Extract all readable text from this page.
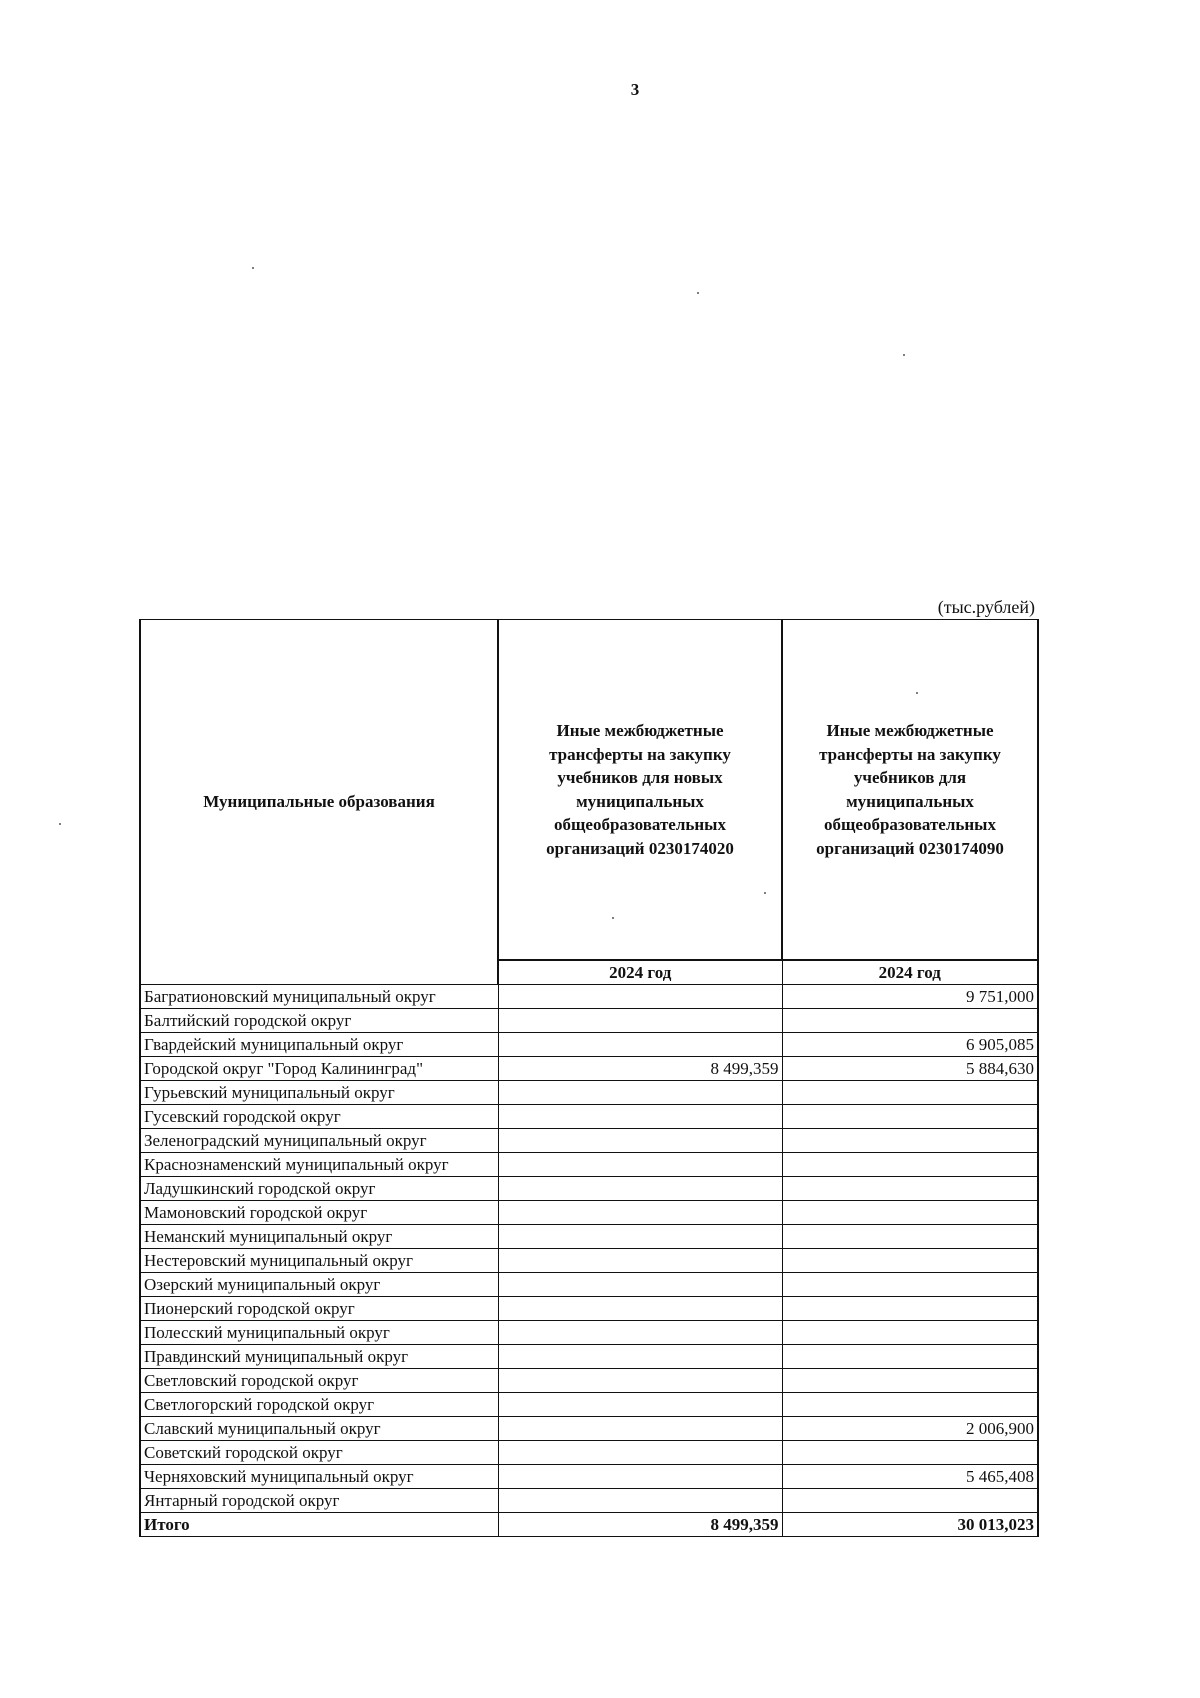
3
(тыс.рублей)
Муниципальные образования	Иные межбюджетные трансферты на закупку учебников для новых муниципальных общеобразовательных организаций 0230174020	Иные межбюджетные трансферты на закупку учебников для муниципальных общеобразовательных организаций 0230174090
	2024 год	2024 год
Багратионовский муниципальный округ		9 751,000
Балтийский городской округ		
Гвардейский муниципальный округ		6 905,085
Городской округ "Город Калининград"	8 499,359	5 884,630
Гурьевский муниципальный округ		
Гусевский городской округ		
Зеленоградский муниципальный округ		
Краснознаменский муниципальный округ		
Ладушкинский городской округ		
Мамоновский городской округ		
Неманский муниципальный округ		
Нестеровский муниципальный округ		
Озерский муниципальный округ		
Пионерский городской округ		
Полесский муниципальный округ		
Правдинский муниципальный округ		
Светловский городской округ		
Светлогорский городской округ		
Славский муниципальный округ		2 006,900
Советский городской округ		
Черняховский муниципальный округ		5 465,408
Янтарный городской округ		
Итого	8 499,359	30 013,023
